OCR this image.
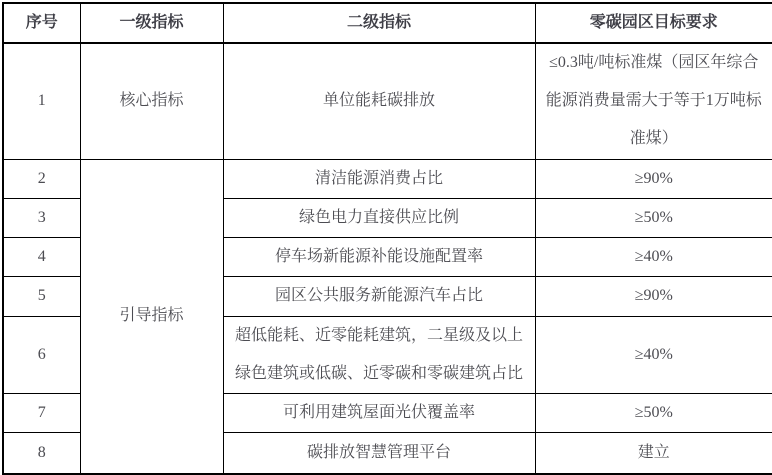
序号	一级指标	二级指标	零碳园区目标要求
1	核心指标	单位能耗碳排放	≤0.3吨/吨标准煤（园区年综合能源消费量需大于等于1万吨标准煤）
2	引导指标	清洁能源消费占比	≥90%
3		绿色电力直接供应比例	≥50%
4		停车场新能源补能设施配置率	≥40%
5		园区公共服务新能源汽车占比	≥90%
6		超低能耗、近零能耗建筑，二星级及以上绿色建筑或低碳、近零碳和零碳建筑占比	≥40%
7		可利用建筑屋面光伏覆盖率	≥50%
8		碳排放智慧管理平台	建立
